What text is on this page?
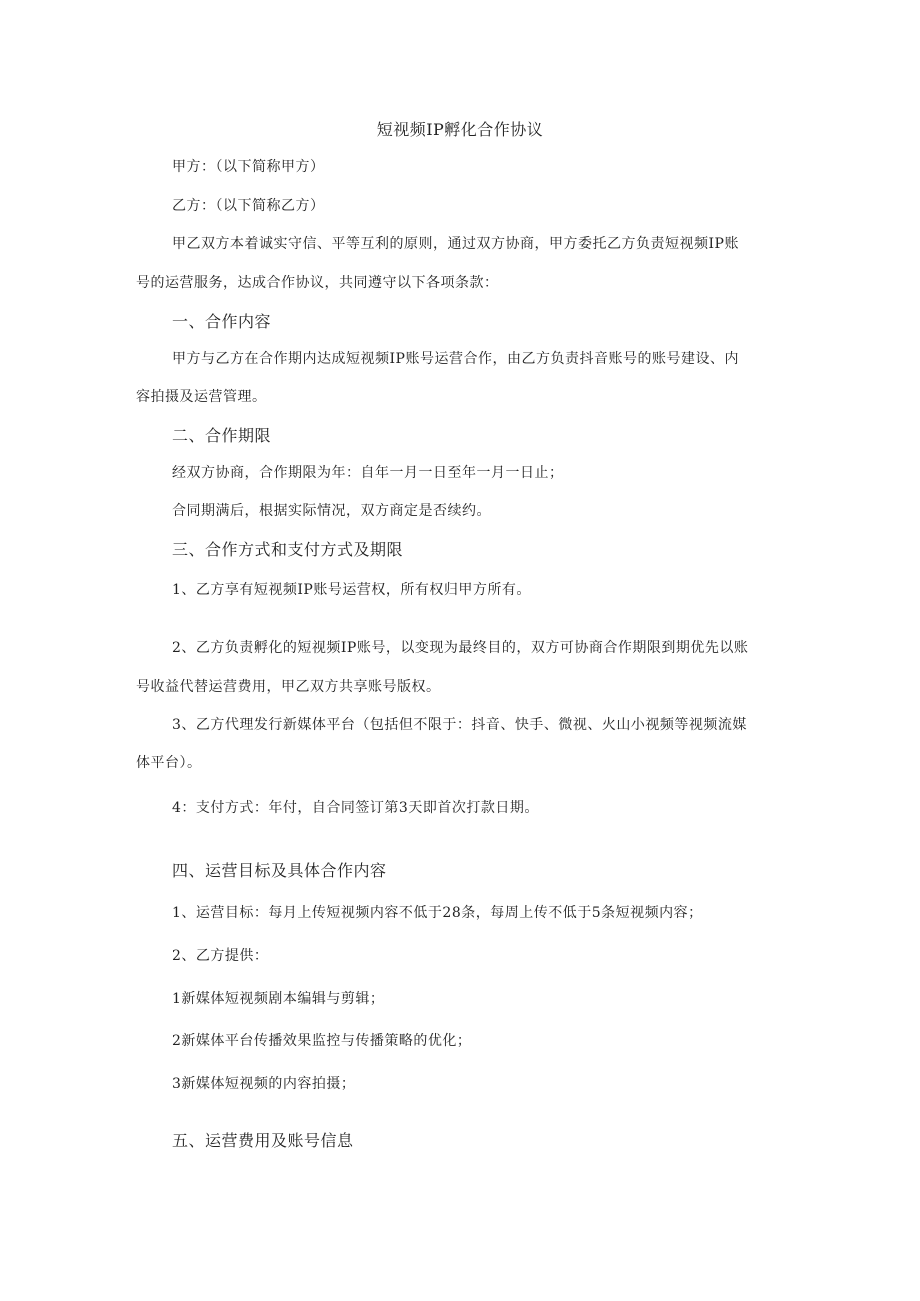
短视频IP孵化合作协议
甲方：（以下简称甲方）
乙方：（以下简称乙方）
甲乙双方本着诚实守信、平等互利的原则，通过双方协商，甲方委托乙方负责短视频IP账
号的运营服务，达成合作协议，共同遵守以下各项条款：
一、合作内容
甲方与乙方在合作期内达成短视频IP账号运营合作，由乙方负责抖音账号的账号建设、内
容拍摄及运营管理。
二、合作期限
经双方协商，合作期限为年：自年一月一日至年一月一日止；
合同期满后，根据实际情况，双方商定是否续约。
三、合作方式和支付方式及期限
1、乙方享有短视频IP账号运营权，所有权归甲方所有。
2、乙方负责孵化的短视频IP账号，以变现为最终目的，双方可协商合作期限到期优先以账
号收益代替运营费用，甲乙双方共享账号版权。
3、乙方代理发行新媒体平台（包括但不限于：抖音、快手、微视、火山小视频等视频流媒
体平台）。
4：支付方式：年付，自合同签订第3天即首次打款日期。
四、运营目标及具体合作内容
1、运营目标：每月上传短视频内容不低于28条，每周上传不低于5条短视频内容；
2、乙方提供：
1新媒体短视频剧本编辑与剪辑；
2新媒体平台传播效果监控与传播策略的优化；
3新媒体短视频的内容拍摄；
五、运营费用及账号信息
